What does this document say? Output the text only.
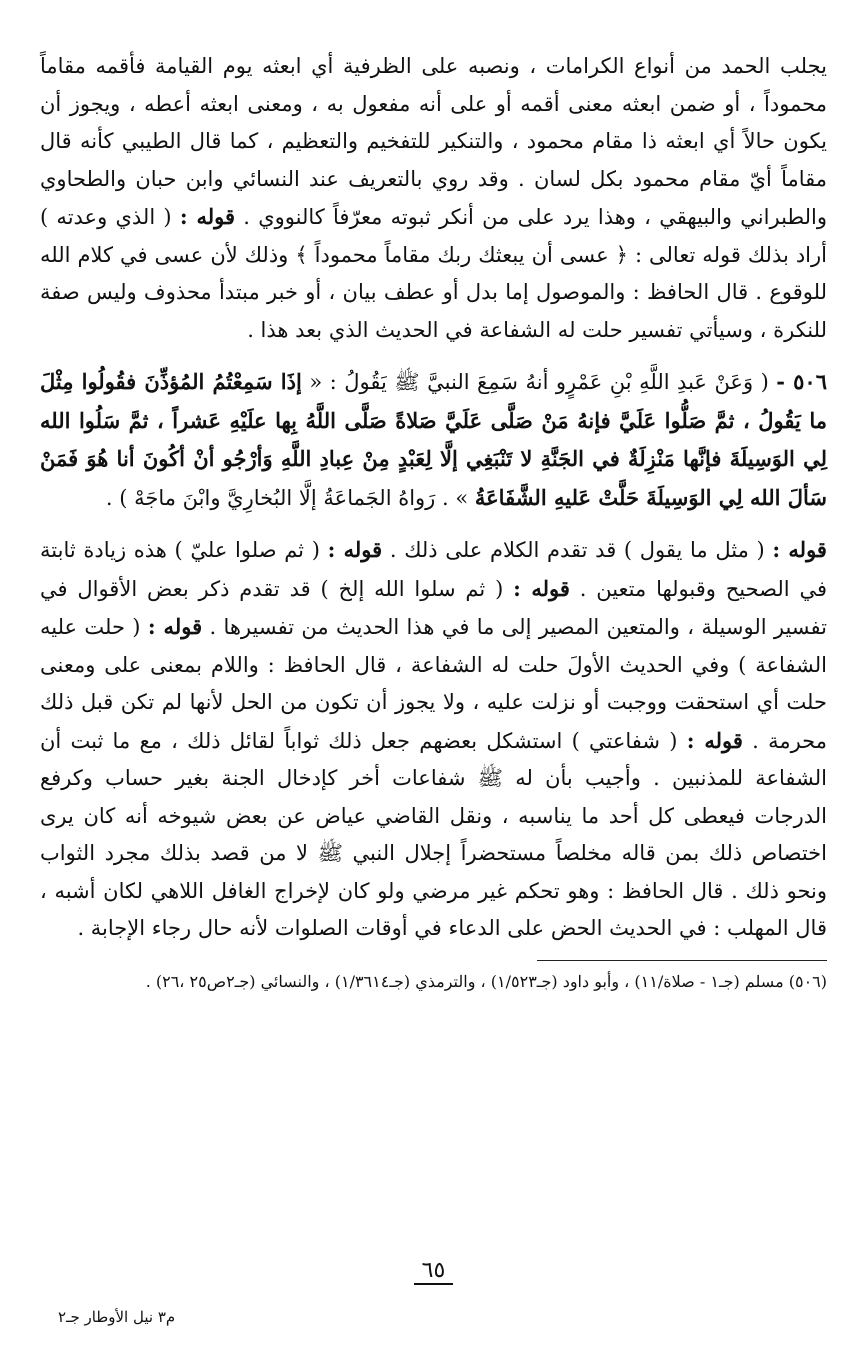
يجلب الحمد من أنواع الكرامات ، ونصبه على الظرفية أي ابعثه يوم القيامة فأقمه مقاماً محموداً ، أو ضمن ابعثه معنى أقمه أو على أنه مفعول به ، ومعنى ابعثه أعطه ، ويجوز أن يكون حالاً أي ابعثه ذا مقام محمود ، والتنكير للتفخيم والتعظيم ، كما قال الطيبي كأنه قال مقاماً أيّ مقام محمود بكل لسان . وقد روي بالتعريف عند النسائي وابن حبان والطحاوي والطبراني والبيهقي ، وهذا يرد على من أنكر ثبوته معرّفاً كالنووي . قوله : ( الذي وعدته ) أراد بذلك قوله تعالى : ﴿ عسى أن يبعثك ربك مقاماً محموداً ﴾ وذلك لأن عسى في كلام الله للوقوع . قال الحافظ : والموصول إما بدل أو عطف بيان ، أو خبر مبتدأ محذوف وليس صفة للنكرة ، وسيأتي تفسير حلت له الشفاعة في الحديث الذي بعد هذا .

٥٠٦ - ( وَعَنْ عَبدِ اللَّهِ بْنِ عَمْرٍو أنهُ سَمِعَ النبيَّ ﷺ يَقُولُ : « إذَا سَمِعْتُمُ المُؤذِّنَ فقُولُوا مِثْلَ ما يَقُولُ ، ثمَّ صَلُّوا عَلَيَّ فإنهُ مَنْ صَلَّى عَلَيَّ صَلاةً صَلَّى اللَّهُ بِها علَيْهِ عَشراً ، ثمَّ سَلُوا الله لِي الوَسِيلَةَ فإنَّها مَنْزِلَةٌ في الجَنَّةِ لا تَنْبَغِي إلَّا لِعَبْدٍ مِنْ عِبادِ اللَّهِ وَأرْجُو أنْ أكُونَ أنا هُوَ فَمَنْ سَألَ الله لِي الوَسِيلَةَ حَلَّتْ عَليهِ الشَّفَاعَةُ » . رَواهُ الجَماعَةُ إلَّا البُخارِيَّ وابْنَ ماجَهْ ) .

قوله : ( مثل ما يقول ) قد تقدم الكلام على ذلك . قوله : ( ثم صلوا عليّ ) هذه زيادة ثابتة في الصحيح وقبولها متعين . قوله : ( ثم سلوا الله إلخ ) قد تقدم ذكر بعض الأقوال في تفسير الوسيلة ، والمتعين المصير إلى ما في هذا الحديث من تفسيرها . قوله : ( حلت عليه الشفاعة ) وفي الحديث الأولَ حلت له الشفاعة ، قال الحافظ : واللام بمعنى على ومعنى حلت أي استحقت ووجبت أو نزلت عليه ، ولا يجوز أن تكون من الحل لأنها لم تكن قبل ذلك محرمة . قوله : ( شفاعتي ) استشكل بعضهم جعل ذلك ثواباً لقائل ذلك ، مع ما ثبت أن الشفاعة للمذنبين . وأجيب بأن له ﷺ شفاعات أخر كإدخال الجنة بغير حساب وكرفع الدرجات فيعطى كل أحد ما يناسبه ، ونقل القاضي عياض عن بعض شيوخه أنه كان يرى اختصاص ذلك بمن قاله مخلصاً مستحضراً إجلال النبي ﷺ لا من قصد بذلك مجرد الثواب ونحو ذلك . قال الحافظ : وهو تحكم غير مرضي ولو كان لإخراج الغافل اللاهي لكان أشبه ، قال المهلب : في الحديث الحض على الدعاء في أوقات الصلوات لأنه حال رجاء الإجابة .

(٥٠٦) مسلم (جـ١ - صلاة/١١) ، وأبو داود (جـ١/٥٢٣) ، والترمذي (جـ١/٣٦١٤) ، والنسائي (جـ٢ص٢٥ ،٢٦) .

٦٥
م٣ نيل الأوطار جـ٢
